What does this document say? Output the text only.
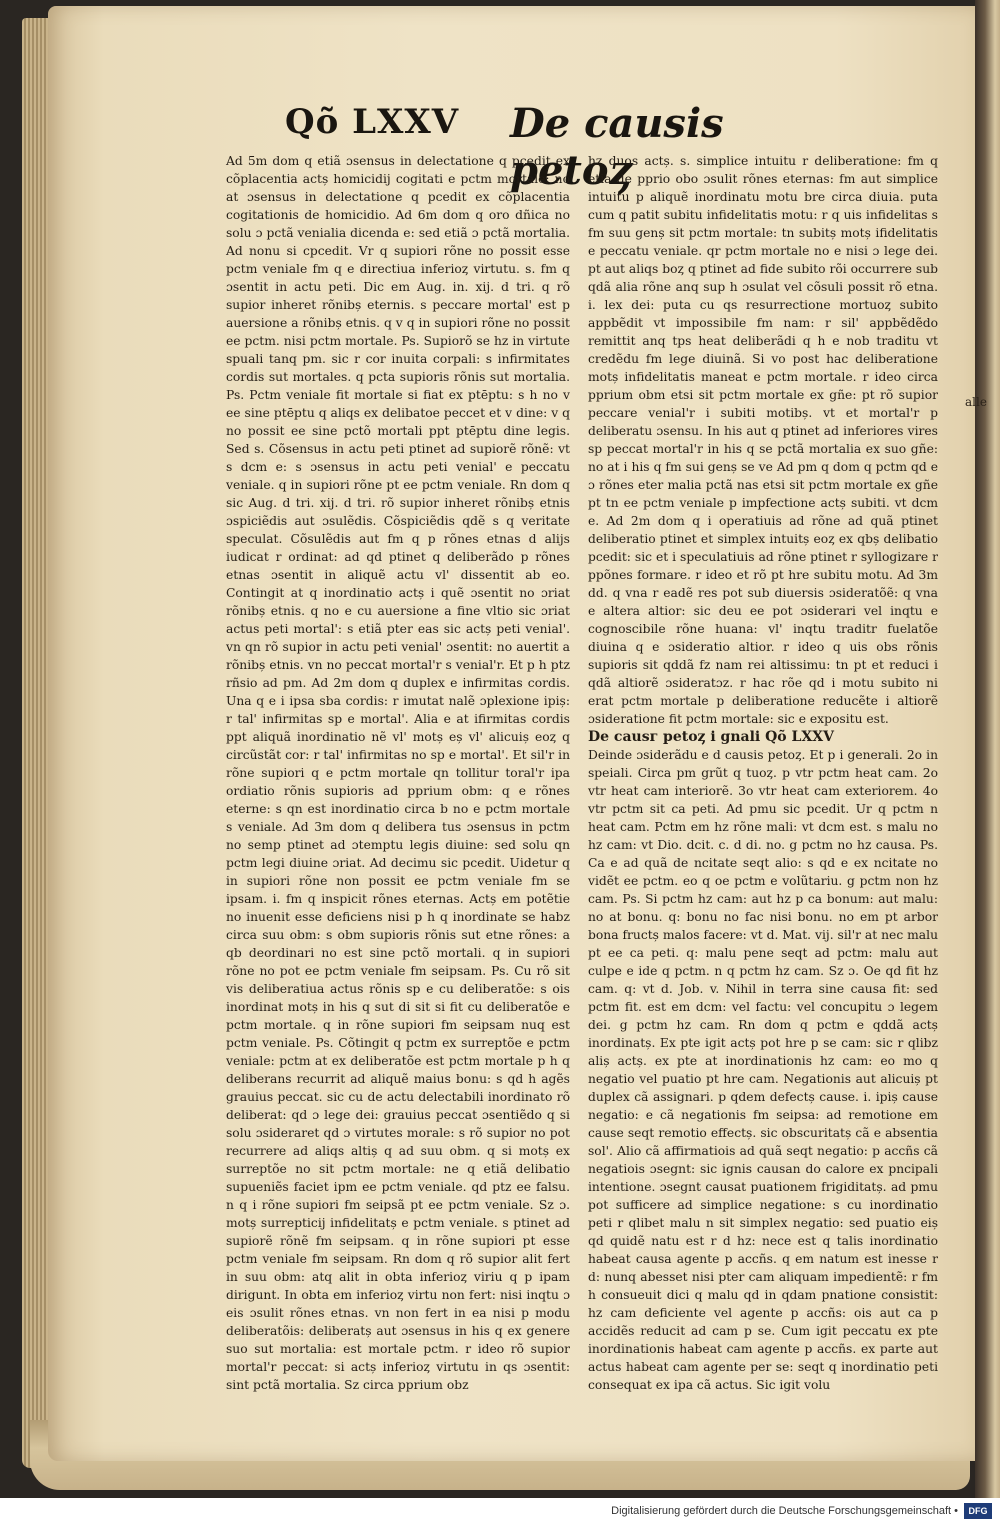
Qõ LXXV De causis petoȥ

Ad 5m dom q etiã ɔsensus in delectatione q pcedit ex cõplacentia actș homicidij cogitati e pctm mortale: no at ɔsensus in delectatione q pcedit ex cõplacentia cogitationis de homicidio. Ad 6m dom q oro dñica no solu ɔ pctã venialia dicenda e: sed etiã ɔ pctã mortalia. Ad nonu si cpcedit. Vr q supiori rõne no possit esse pctm veniale fm q e directiua inferioȥ virtutu. s. fm q ɔsentit in actu peti. Dic em Aug. in. xij. d tri. q rõ supior inheret rõnibș eternis. s peccare mortal' est p auersione a rõnibș etnis. q v q in supiori rõne no possit ee pctm. nisi pctm mortale. Ps. Supiorõ se hz in virtute spuali tanq pm. sic r cor inuita corpali: s infirmitates cordis sut mortales. q pcta supioris rõnis sut mortalia. Ps. Pctm veniale fit mortale si fiat ex ptēptu: s h no v ee sine ptēptu q aliqs ex delibatoe peccet et v dine: v q no possit ee sine pctõ mortali ppt ptēptu dine legis. Sed s. Cõsensus in actu peti ptinet ad supiorẽ rõnẽ: vt s dcm e: s ɔsensus in actu peti venial' e peccatu veniale. q in supiori rõne pt ee pctm veniale. Rn dom q sic Aug. d tri. xij. d tri. rõ supior inheret rõnibș etnis ɔspiciẽdis aut ɔsulẽdis. Cõspiciẽdis qdẽ s q veritate speculat. Cõsulẽdis aut fm q p rõnes etnas d alijs iudicat r ordinat: ad qd ptinet q deliberãdo p rõnes etnas ɔsentit in aliquẽ actu vl' dissentit ab eo. Contingit at q inordinatio actș i quẽ ɔsentit no ɔriat rõnibș etnis. q no e cu auersione a fine vltio sic ɔriat actus peti mortal': s etiã pter eas sic actș peti venial'. vn qn rõ supior in actu peti venial' ɔsentit: no auertit a rõnibș etnis. vn no peccat mortal'r s venial'r. Et p h ptz rñsio ad pm. Ad 2m dom q duplex e infirmitas cordis. Una q e i ipsa sba cordis: r imutat nalẽ ɔplexione ipiș: r tal' infirmitas sp e mortal'. Alia e at ifirmitas cordis ppt aliquã inordinatio nẽ vl' motș eș vl' alicuiș eoȥ q circũstãt cor: r tal' infirmitas no sp e mortal'. Et sil'r in rõne supiori q e pctm mortale qn tollitur toral'r ipa ordiatio rõnis supioris ad pprium obm: q e rõnes eterne: s qn est inordinatio circa b no e pctm mortale s veniale. Ad 3m dom q delibera tus ɔsensus in pctm no semp ptinet ad ɔtemptu legis diuine: sed solu qn pctm legi diuine ɔriat. Ad decimu sic pcedit. Uidetur q in supiori rõne non possit ee pctm veniale fm se ipsam. i. fm q inspicit rõnes eternas. Actș em potẽtie no inuenit esse deficiens nisi p h q inordinate se habz circa suu obm: s obm supioris rõnis sut etne rõnes: a qb deordinari no est sine pctõ mortali. q in supiori rõne no pot ee pctm veniale fm seipsam. Ps. Cu rõ sit vis deliberatiua actus rõnis sp e cu deliberatõe: s ois inordinat motș in his q sut di sit si fit cu deliberatõe e pctm mortale. q in rõne supiori fm seipsam nuq est pctm veniale. Ps. Cõtingit q pctm ex surreptõe e pctm veniale: pctm at ex deliberatõe est pctm mortale p h q deliberans recurrit ad aliquẽ maius bonu: s qd h agẽs grauius peccat. sic cu de actu delectabili inordinato rõ deliberat: qd ɔ lege dei: grauius peccat ɔsentiẽdo q si solu ɔsideraret qd ɔ virtutes morale: s rõ supior no pot recurrere ad aliqs altiș q ad suu obm. q si motș ex surreptõe no sit pctm mortale: ne q etiã delibatio supueniẽs faciet ipm ee pctm veniale. qd ptz ee falsu. n q i rõne supiori fm seipsã pt ee pctm veniale. Sz ɔ. motș surrepticij infidelitatș e pctm veniale. s ptinet ad supiorẽ rõnẽ fm seipsam. q in rõne supiori pt esse pctm veniale fm seipsam. Rn dom q rõ supior alit fert in suu obm: atq alit in obta inferioȥ viriu q p ipam dirigunt. In obta em inferioȥ virtu non fert: nisi inqtu ɔ eis ɔsulit rõnes etnas. vn non fert in ea nisi p modu deliberatõis: deliberatș aut ɔsensus in his q ex genere suo sut mortalia: est mortale pctm. r ideo rõ supior mortal'r peccat: si actș inferioȥ virtutu in qs ɔsentit: sint pctã mortalia. Sz circa pprium obz

hz duos actș. s. simplice intuitu r deliberatione: fm q etia de pprio obo ɔsulit rõnes eternas: fm aut simplice intuitu p aliquẽ inordinatu motu bre circa diuia. puta cum q patit subitu infidelitatis motu: r q uis infidelitas s fm suu genș sit pctm mortale: tn subitș motș ifidelitatis e peccatu veniale. qr pctm mortale no e nisi ɔ lege dei. pt aut aliqs boȥ q ptinet ad fide subito rõi occurrere sub qdã alia rõne anq sup h ɔsulat vel cõsuli possit rõ etna. i. lex dei: puta cu qs resurrectione mortuoȥ subito appbẽdit vt impossibile fm nam: r sil' appbẽdẽdo remittit anq tps heat deliberãdi q h e nob traditu vt credẽdu fm lege diuinã. Si vo post hac deliberatione motș infidelitatis maneat e pctm mortale. r ideo circa pprium obm etsi sit pctm mortale ex gñe: pt rõ supior peccare venial'r i subiti motibș. vt et mortal'r p deliberatu ɔsensu. In his aut q ptinet ad inferiores vires sp peccat mortal'r in his q se pctã mortalia ex suo gñe: no at i his q fm sui genș se ve Ad pm q dom q pctm qd e ɔ rõnes eter malia pctã nas etsi sit pctm mortale ex gñe pt tn ee pctm veniale p impfectione actș subiti. vt dcm e. Ad 2m dom q i operatiuis ad rõne ad quã ptinet deliberatio ptinet et simplex intuitș eoȥ ex qbș delibatio pcedit: sic et i speculatiuis ad rõne ptinet r syllogizare r ppõnes formare. r ideo et rõ pt hre subitu motu. Ad 3m dd. q vna r eadẽ res pot sub diuersis ɔsideratõẽ: q vna e altera altior: sic deu ee pot ɔsiderari vel inqtu e cognoscibile rõne huana: vl' inqtu traditr fuelatõe diuina q e ɔsideratio altior. r ideo q uis obs rõnis supioris sit qddã fz nam rei altissimu: tn pt et reduci i qdã altiorẽ ɔsideratɔz. r hac rõe qd i motu subito ni erat pctm mortale p deliberatione reducẽte i altiorẽ ɔsideratione fit pctm mortale: sic e expositu est.

De causг petoȥ i gnali Qõ LXXV

Deinde ɔsiderãdu e d causis petoȥ. Et p i generali. 2o in speiali. Circa pm grũt q tuoȥ. p vtr pctm heat cam. 2o vtr heat cam interiorẽ. 3o vtr heat cam exteriorem. 4o vtr pctm sit ca peti. Ad pmu sic pcedit. Ur q pctm n heat cam. Pctm em hz rõne mali: vt dcm est. s malu no hz cam: vt Dio. dcit. c. d di. no. g pctm no hz causa. Ps. Ca e ad quã de ncitate seqt alio: s qd e ex ncitate no vidẽt ee pctm. eo q oe pctm e volũtariu. g pctm non hz cam. Ps. Si pctm hz cam: aut hz p ca bonum: aut malu: no at bonu. q: bonu no fac nisi bonu. no em pt arbor bona fructș malos facere: vt d. Mat. vij. sil'r at nec malu pt ee ca peti. q: malu pene seqt ad pctm: malu aut culpe e ide q pctm. n q pctm hz cam. Sz ɔ. Oe qd fit hz cam. q: vt d. Job. v. Nihil in terra sine causa fit: sed pctm fit. est em dcm: vel factu: vel concupitu ɔ legem dei. g pctm hz cam. Rn dom q pctm e qddã actș inordinatș. Ex pte igit actș pot hre p se cam: sic r qlibz aliș actș. ex pte at inordinationis hz cam: eo mo q negatio vel puatio pt hre cam. Negationis aut alicuiș pt duplex cã assignari. p qdem defectș cause. i. ipiș cause negatio: e cã negationis fm seipsa: ad remotione em cause seqt remotio effectș. sic obscuritatș cã e absentia sol'. Alio cã affirmatiois ad quã seqt negatio: p accñs cã negatiois ɔsegnt: sic ignis causan do calore ex pncipali intentione. ɔsegnt causat puationem frigiditatș. ad pmu pot sufficere ad simplice negatione: s cu inordinatio peti r qlibet malu n sit simplex negatio: sed puatio eiș qd quidẽ natu est r d hz: nece est q talis inordinatio habeat causa agente p accñs. q em natum est inesse r d: nunq abesset nisi pter cam aliquam impedientẽ: r fm h consueuit dici q malu qd in qdam pnatione consistit: hz cam deficiente vel agente p accñs: ois aut ca p accidẽs reducit ad cam p se. Cum igit peccatu ex pte inordinationis habeat cam agente p accñs. ex parte aut actus habeat cam agente per se: seqt q inordinatio peti consequat ex ipa cã actus. Sic igit volu

alle
Digitalisierung gefördert durch die Deutsche Forschungsgemeinschaft •	DFG
